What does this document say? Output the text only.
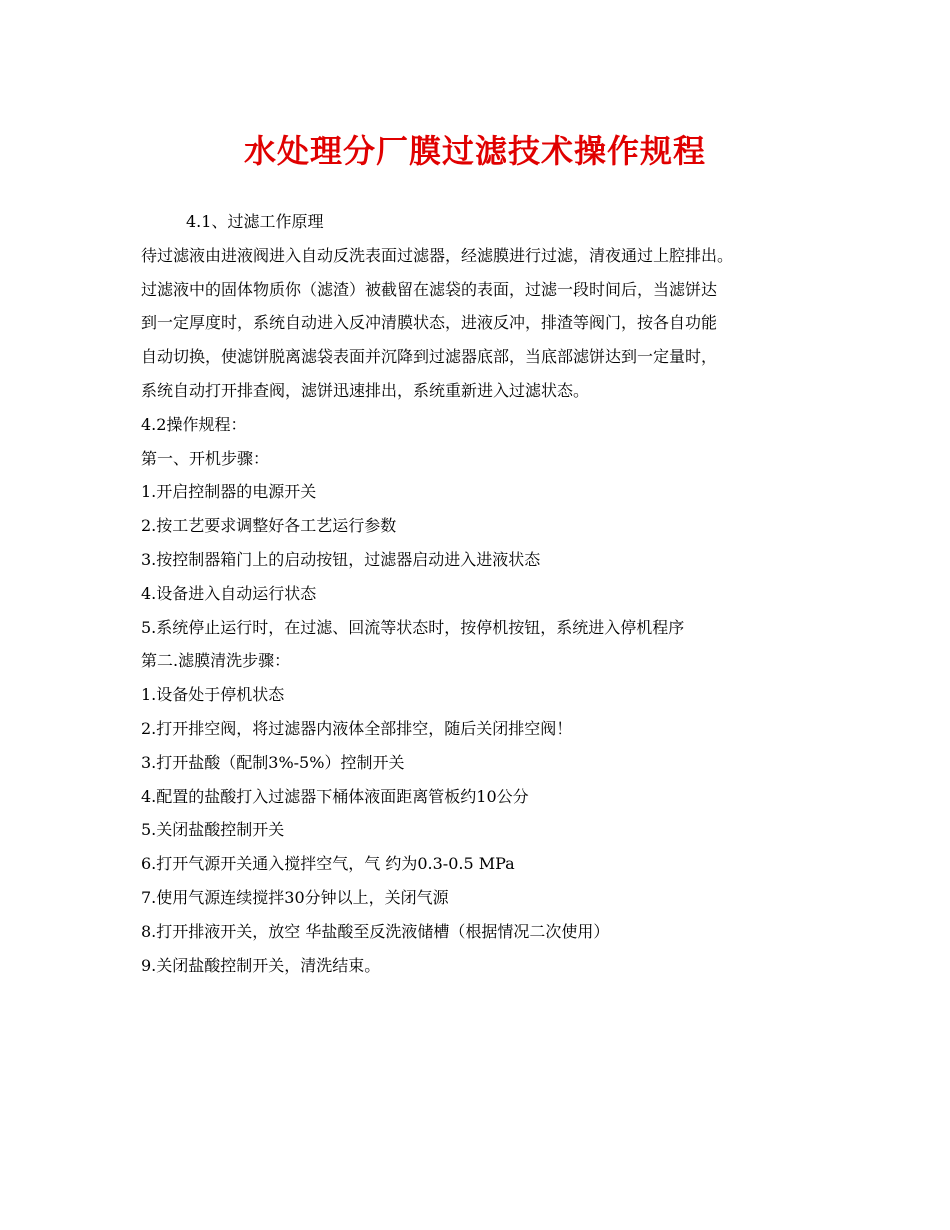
水处理分厂膜过滤技术操作规程
4.1、过滤工作原理
待过滤液由进液阀进入自动反洗表面过滤器，经滤膜进行过滤，清夜通过上腔排出。
过滤液中的固体物质你（滤渣）被截留在滤袋的表面，过滤一段时间后，当滤饼达
到一定厚度时，系统自动进入反冲清膜状态，进液反冲，排渣等阀门，按各自功能
自动切换，使滤饼脱离滤袋表面并沉降到过滤器底部，当底部滤饼达到一定量时，
系统自动打开排查阀，滤饼迅速排出，系统重新进入过滤状态。
4.2操作规程：
第一、开机步骤：
1.开启控制器的电源开关
2.按工艺要求调整好各工艺运行参数
3.按控制器箱门上的启动按钮，过滤器启动进入进液状态
4.设备进入自动运行状态
5.系统停止运行时，在过滤、回流等状态时，按停机按钮，系统进入停机程序
第二.滤膜清洗步骤：
1.设备处于停机状态
2.打开排空阀，将过滤器内液体全部排空，随后关闭排空阀！
3.打开盐酸（配制3%-5%）控制开关
4.配置的盐酸打入过滤器下桶体液面距离管板约10公分
5.关闭盐酸控制开关
6.打开气源开关通入搅拌空气，气 约为0.3-0.5 MPa
7.使用气源连续搅拌30分钟以上，关闭气源
8.打开排液开关，放空 华盐酸至反洗液储槽（根据情况二次使用）
9.关闭盐酸控制开关，清洗结束。
